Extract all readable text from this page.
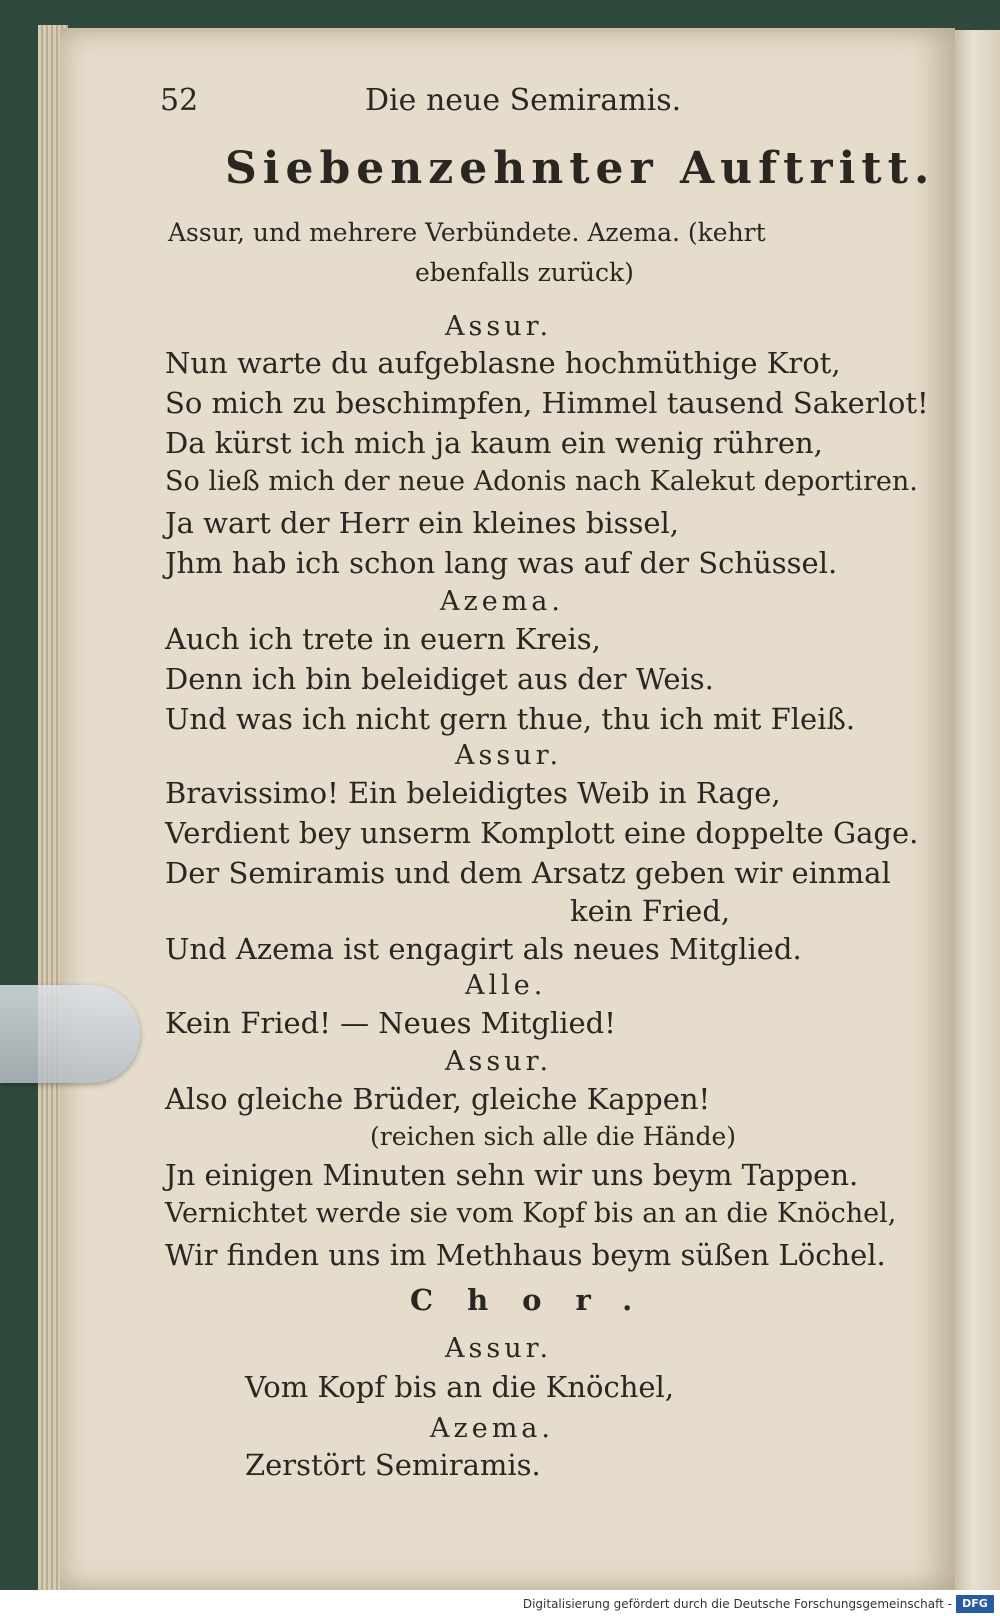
52	Die neue Semiramis.
Siebenzehnter Auftritt.
Assur, und mehrere Verbündete. Azema. (kehrt
ebenfalls zurück)
Assur.
Nun warte du aufgeblasne hochmüthige Krot,
So mich zu beschimpfen, Himmel tausend Sakerlot!
Da kürst ich mich ja kaum ein wenig rühren,
So ließ mich der neue Adonis nach Kalekut deportiren.
Ja wart der Herr ein kleines bissel,
Jhm hab ich schon lang was auf der Schüssel.
Azema.
Auch ich trete in euern Kreis,
Denn ich bin beleidiget aus der Weis.
Und was ich nicht gern thue, thu ich mit Fleiß.
Assur.
Bravissimo! Ein beleidigtes Weib in Rage,
Verdient bey unserm Komplott eine doppelte Gage.
Der Semiramis und dem Arsatz geben wir einmal
kein Fried,
Und Azema ist engagirt als neues Mitglied.
Alle.
Kein Fried! — Neues Mitglied!
Assur.
Also gleiche Brüder, gleiche Kappen!
(reichen sich alle die Hände)
Jn einigen Minuten sehn wir uns beym Tappen.
Vernichtet werde sie vom Kopf bis an an die Knöchel,
Wir finden uns im Methhaus beym süßen Löchel.
Chor.
Assur.
Vom Kopf bis an die Knöchel,
Azema.
Zerstört Semiramis.
Digitalisierung gefördert durch die Deutsche Forschungsgemeinschaft - DFG
